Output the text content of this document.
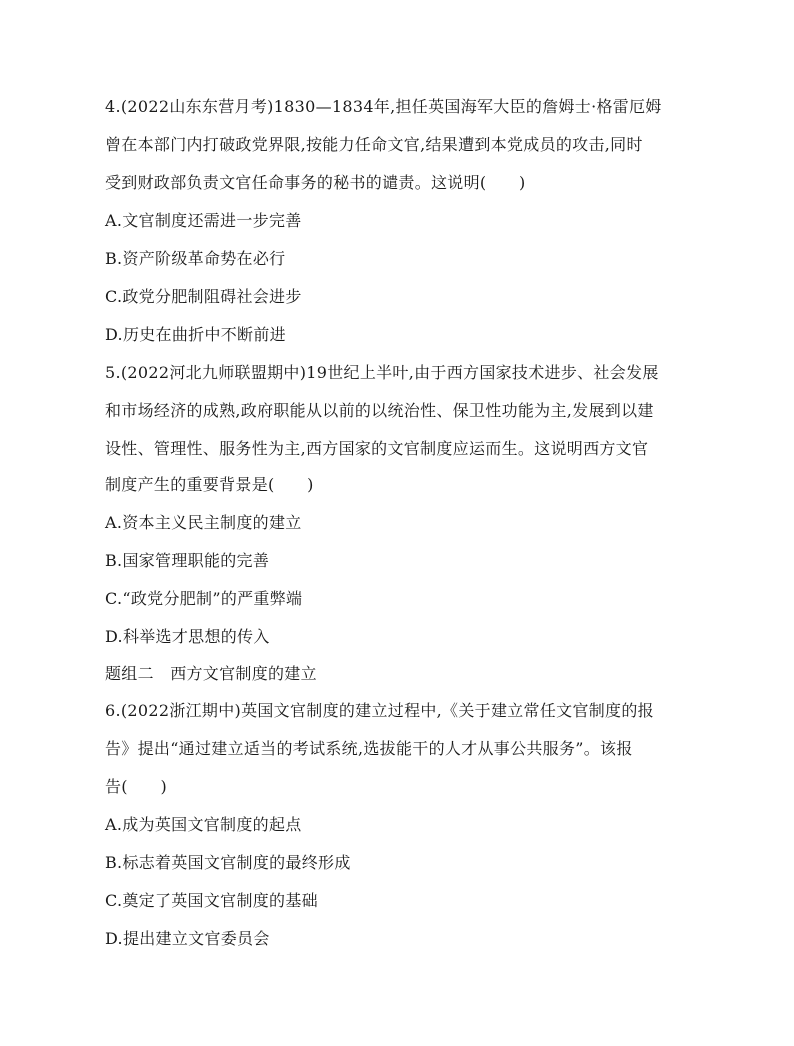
4.(2022山东东营月考)1830—1834年,担任英国海军大臣的詹姆士·格雷厄姆
曾在本部门内打破政党界限,按能力任命文官,结果遭到本党成员的攻击,同时
受到财政部负责文官任命事务的秘书的谴责。这说明(　　)
A.文官制度还需进一步完善
B.资产阶级革命势在必行
C.政党分肥制阻碍社会进步
D.历史在曲折中不断前进
5.(2022河北九师联盟期中)19世纪上半叶,由于西方国家技术进步、社会发展
和市场经济的成熟,政府职能从以前的以统治性、保卫性功能为主,发展到以建
设性、管理性、服务性为主,西方国家的文官制度应运而生。这说明西方文官
制度产生的重要背景是(　　)
A.资本主义民主制度的建立
B.国家管理职能的完善
C.“政党分肥制”的严重弊端
D.科举选才思想的传入
题组二　西方文官制度的建立
6.(2022浙江期中)英国文官制度的建立过程中,《关于建立常任文官制度的报
告》提出“通过建立适当的考试系统,选拔能干的人才从事公共服务”。该报
告(　　)
A.成为英国文官制度的起点
B.标志着英国文官制度的最终形成
C.奠定了英国文官制度的基础
D.提出建立文官委员会
